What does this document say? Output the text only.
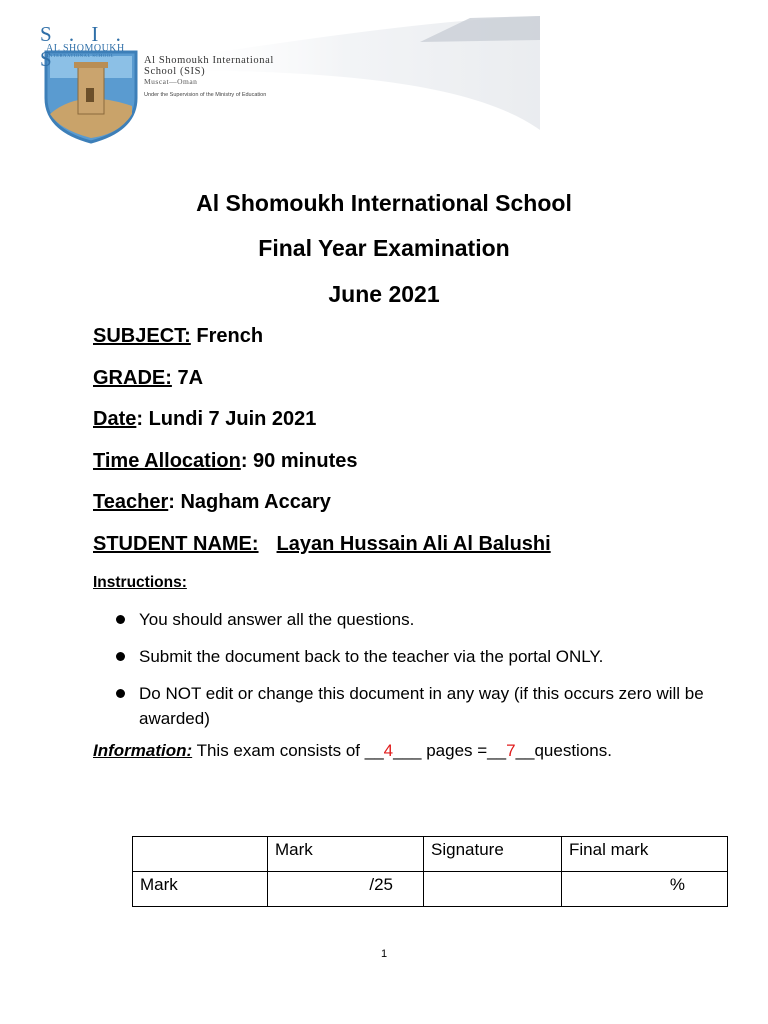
S . I . S
AL SHOMOUKH
INTERNATIONAL SCHOOL	Al Shomoukh International
School (SIS)
Muscat—Oman
Under the Supervision of the Ministry of Education
Al Shomoukh International School
Final Year Examination
June 2021
SUBJECT: French
GRADE: 7A
Date: Lundi 7 Juin 2021
Time Allocation: 90 minutes
Teacher: Nagham Accary
STUDENT NAME: Layan Hussain Ali Al Balushi
Instructions:
You should answer all the questions.
Submit the document back to the teacher via the portal ONLY.
Do NOT edit or change this document in any way (if this occurs zero will be awarded)
Information: This exam consists of __4___ pages =__7__questions.
	Mark	Signature	Final mark
Mark	/25		%
1
